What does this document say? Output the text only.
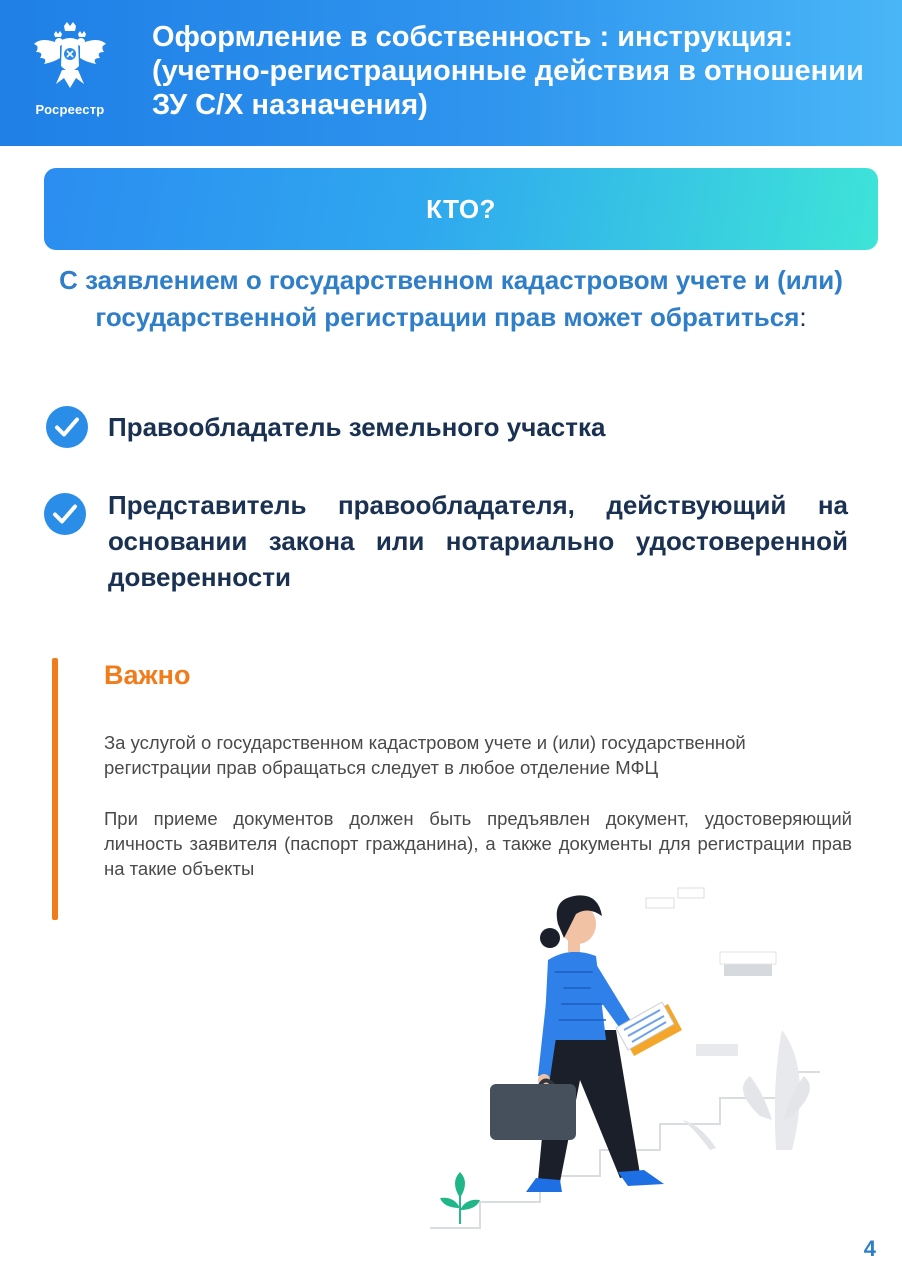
Росреестр
Оформление в собственность : инструкция: (учетно-регистрационные действия в отношении ЗУ С/Х назначения)
КТО?

С заявлением о государственном кадастровом учете и (или) государственной регистрации прав может обратиться:

Правообладатель земельного участка

Представитель правообладателя, действующий на основании закона или нотариально удостоверенной доверенности

Важно

За услугой о государственном кадастровом учете и (или) государственной регистрации прав обращаться следует в любое отделение МФЦ

При приеме документов должен быть предъявлен документ, удостоверяющий личность заявителя (паспорт гражданина), а также документы для регистрации прав на такие объекты

4
